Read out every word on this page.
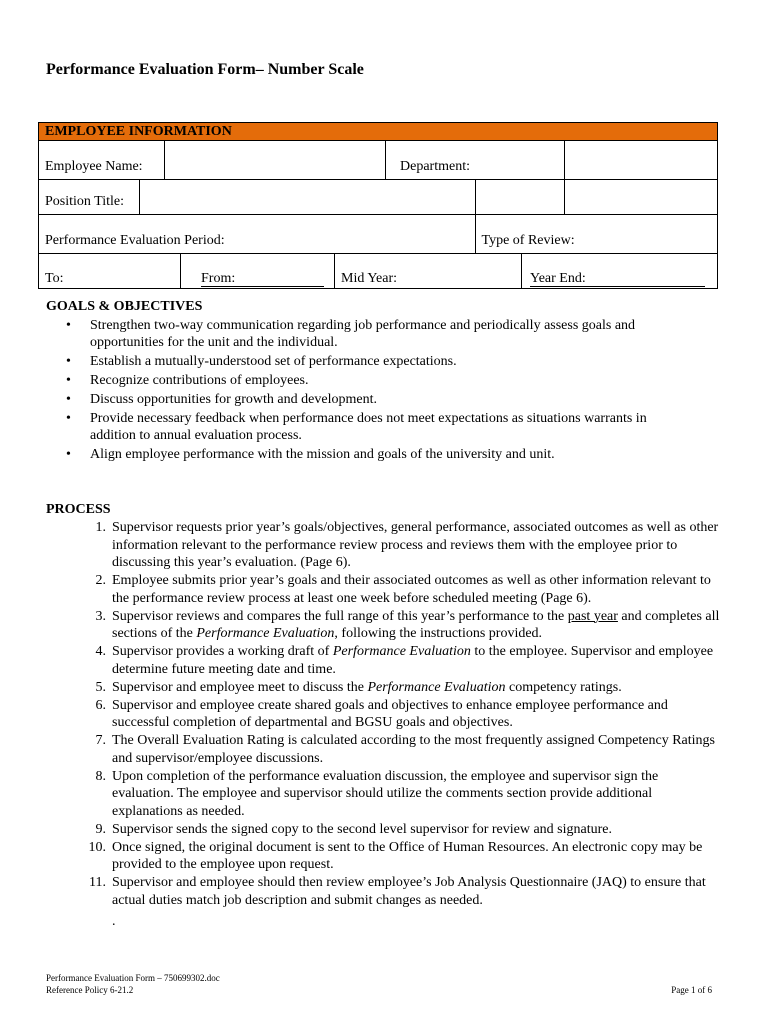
Performance Evaluation Form– Number Scale
EMPLOYEE INFORMATION				
Employee Name:		Department:		

Position Title:				

Performance Evaluation Period:			Type of Review:	

To: From: Mid Year: Year End:				
GOALS & OBJECTIVES
• Strengthen two-way communication regarding job performance and periodically assess goals and opportunities for the unit and the individual.
• Establish a mutually-understood set of performance expectations.
• Recognize contributions of employees.
• Discuss opportunities for growth and development.
• Provide necessary feedback when performance does not meet expectations as situations warrants in addition to annual evaluation process.
• Align employee performance with the mission and goals of the university and unit.
PROCESS
1. Supervisor requests prior year’s goals/objectives, general performance, associated outcomes as well as other information relevant to the performance review process and reviews them with the employee prior to discussing this year’s evaluation. (Page 6).
2. Employee submits prior year’s goals and their associated outcomes as well as other information relevant to the performance review process at least one week before scheduled meeting (Page 6).
3. Supervisor reviews and compares the full range of this year’s performance to the past year and completes all sections of the Performance Evaluation, following the instructions provided.
4. Supervisor provides a working draft of Performance Evaluation to the employee. Supervisor and employee determine future meeting date and time.
5. Supervisor and employee meet to discuss the Performance Evaluation competency ratings.
6. Supervisor and employee create shared goals and objectives to enhance employee performance and successful completion of departmental and BGSU goals and objectives.
7. The Overall Evaluation Rating is calculated according to the most frequently assigned Competency Ratings and supervisor/employee discussions.
8. Upon completion of the performance evaluation discussion, the employee and supervisor sign the evaluation. The employee and supervisor should utilize the comments section provide additional explanations as needed.
9. Supervisor sends the signed copy to the second level supervisor for review and signature.
10. Once signed, the original document is sent to the Office of Human Resources. An electronic copy may be provided to the employee upon request.
11. Supervisor and employee should then review employee’s Job Analysis Questionnaire (JAQ) to ensure that actual duties match job description and submit changes as needed.
.
Performance Evaluation Form – 750699302.doc
Reference Policy 6-21.2	Page 1 of 6
